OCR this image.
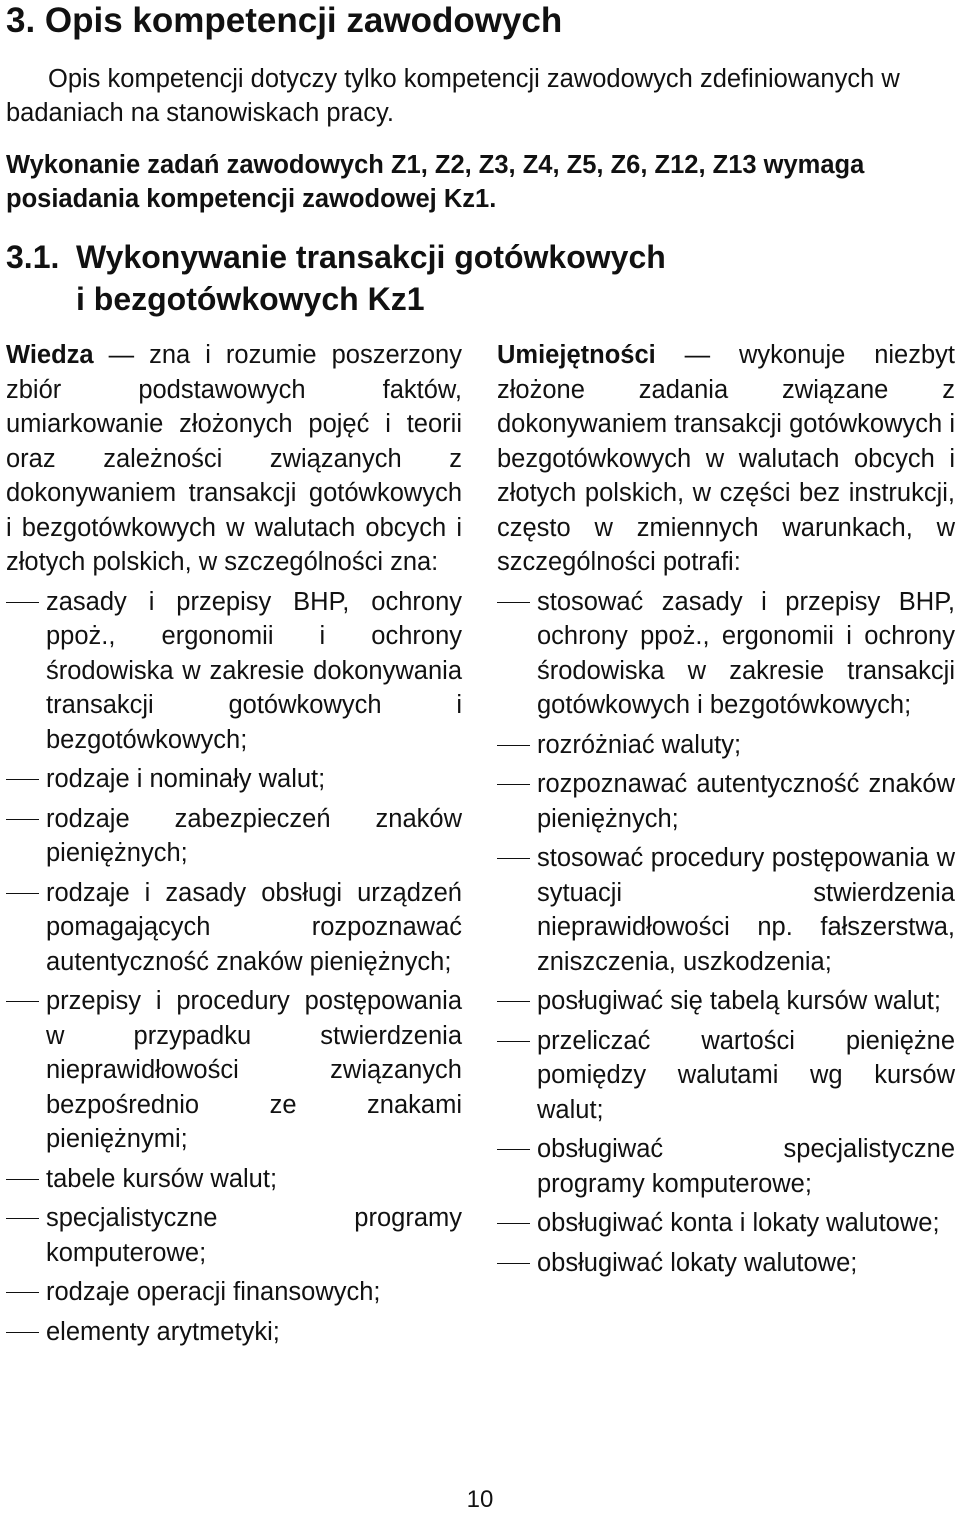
3. Opis kompetencji zawodowych

Opis kompetencji dotyczy tylko kompetencji zawodowych zdefiniowanych w badaniach na stanowiskach pracy.

Wykonanie zadań zawodowych Z1, Z2, Z3, Z4, Z5, Z6, Z12, Z13 wymaga posiadania kompetencji zawodowej Kz1.

3.1. Wykonywanie transakcji gotówkowych
i bezgotówkowych Kz1

Wiedza — zna i rozumie poszerzony zbiór podstawowych faktów, umiarkowanie złożonych pojęć i teorii oraz zależności związanych z dokonywaniem transakcji gotówkowych i bezgotówkowych w walutach obcych i złotych polskich, w szczególności zna:

zasady i przepisy BHP, ochrony ppoż., ergonomii i ochrony środowiska w zakresie dokonywania transakcji gotówkowych i bezgotówkowych;
rodzaje i nominały walut;
rodzaje zabezpieczeń znaków pieniężnych;
rodzaje i zasady obsługi urządzeń pomagających rozpoznawać autentyczność znaków pieniężnych;
przepisy i procedury postępowania w przypadku stwierdzenia nieprawidłowości związanych bezpośrednio ze znakami pieniężnymi;
tabele kursów walut;
specjalistyczne programy komputerowe;
rodzaje operacji finansowych;
elementy arytmetyki;

Umiejętności — wykonuje niezbyt złożone zadania związane z dokonywaniem transakcji gotówkowych i bezgotówkowych w walutach obcych i złotych polskich, w części bez instrukcji, często w zmiennych warunkach, w szczególności potrafi:

stosować zasady i przepisy BHP, ochrony ppoż., ergonomii i ochrony środowiska w zakresie transakcji gotówkowych i bezgotówkowych;
rozróżniać waluty;
rozpoznawać autentyczność znaków pieniężnych;
stosować procedury postępowania w sytuacji stwierdzenia nieprawidłowości np. fałszerstwa, zniszczenia, uszkodzenia;
posługiwać się tabelą kursów walut;
przeliczać wartości pieniężne pomiędzy walutami wg kursów walut;
obsługiwać specjalistyczne programy komputerowe;
obsługiwać konta i lokaty walutowe;
obsługiwać lokaty walutowe;
10
